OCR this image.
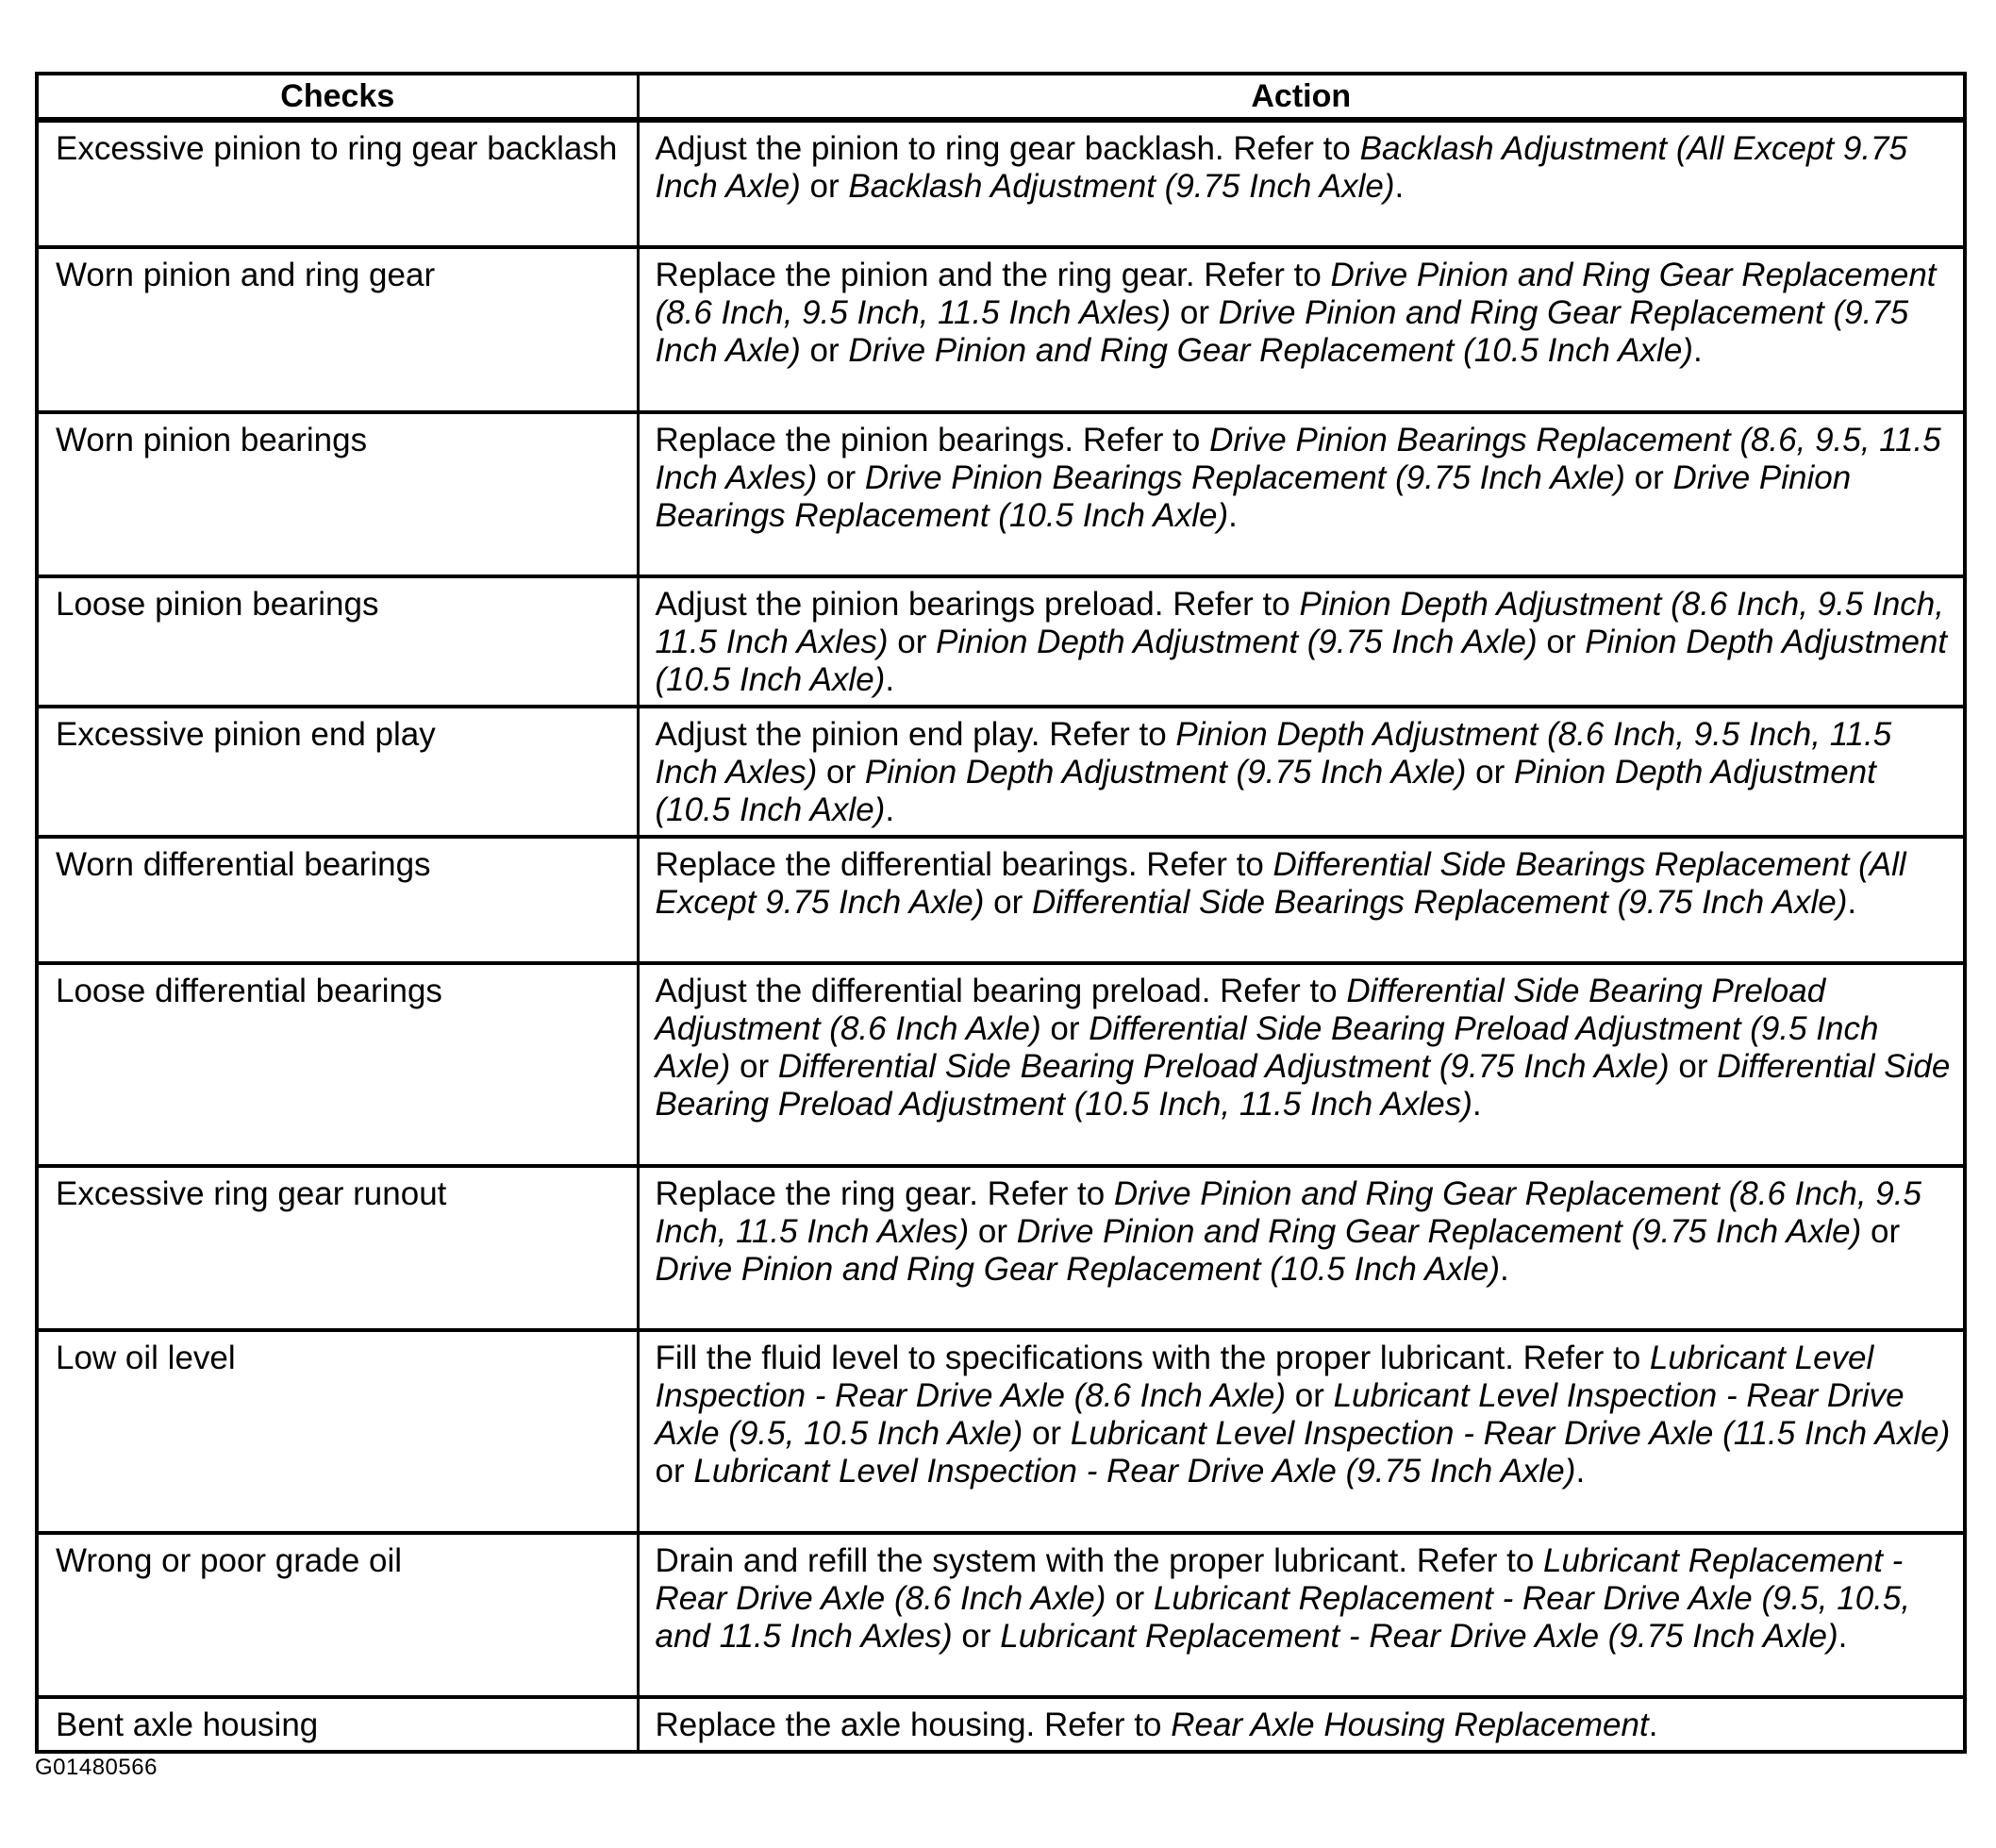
Checks	Action

Excessive pinion to ring gear backlash	Adjust the pinion to ring gear backlash. Refer to Backlash Adjustment (All Except 9.75 Inch Axle) or Backlash Adjustment (9.75 Inch Axle).

Worn pinion and ring gear	Replace the pinion and the ring gear. Refer to Drive Pinion and Ring Gear Replacement (8.6 Inch, 9.5 Inch, 11.5 Inch Axles) or Drive Pinion and Ring Gear Replacement (9.75 Inch Axle) or Drive Pinion and Ring Gear Replacement (10.5 Inch Axle).

Worn pinion bearings	Replace the pinion bearings. Refer to Drive Pinion Bearings Replacement (8.6, 9.5, 11.5 Inch Axles) or Drive Pinion Bearings Replacement (9.75 Inch Axle) or Drive Pinion Bearings Replacement (10.5 Inch Axle).

Loose pinion bearings	Adjust the pinion bearings preload. Refer to Pinion Depth Adjustment (8.6 Inch, 9.5 Inch, 11.5 Inch Axles) or Pinion Depth Adjustment (9.75 Inch Axle) or Pinion Depth Adjustment (10.5 Inch Axle).

Excessive pinion end play	Adjust the pinion end play. Refer to Pinion Depth Adjustment (8.6 Inch, 9.5 Inch, 11.5 Inch Axles) or Pinion Depth Adjustment (9.75 Inch Axle) or Pinion Depth Adjustment (10.5 Inch Axle).

Worn differential bearings	Replace the differential bearings. Refer to Differential Side Bearings Replacement (All Except 9.75 Inch Axle) or Differential Side Bearings Replacement (9.75 Inch Axle).

Loose differential bearings	Adjust the differential bearing preload. Refer to Differential Side Bearing Preload Adjustment (8.6 Inch Axle) or Differential Side Bearing Preload Adjustment (9.5 Inch Axle) or Differential Side Bearing Preload Adjustment (9.75 Inch Axle) or Differential Side Bearing Preload Adjustment (10.5 Inch, 11.5 Inch Axles).

Excessive ring gear runout	Replace the ring gear. Refer to Drive Pinion and Ring Gear Replacement (8.6 Inch, 9.5 Inch, 11.5 Inch Axles) or Drive Pinion and Ring Gear Replacement (9.75 Inch Axle) or Drive Pinion and Ring Gear Replacement (10.5 Inch Axle).

Low oil level	Fill the fluid level to specifications with the proper lubricant. Refer to Lubricant Level Inspection - Rear Drive Axle (8.6 Inch Axle) or Lubricant Level Inspection - Rear Drive Axle (9.5, 10.5 Inch Axle) or Lubricant Level Inspection - Rear Drive Axle (11.5 Inch Axle) or Lubricant Level Inspection - Rear Drive Axle (9.75 Inch Axle).

Wrong or poor grade oil	Drain and refill the system with the proper lubricant. Refer to Lubricant Replacement - Rear Drive Axle (8.6 Inch Axle) or Lubricant Replacement - Rear Drive Axle (9.5, 10.5, and 11.5 Inch Axles) or Lubricant Replacement - Rear Drive Axle (9.75 Inch Axle).

Bent axle housing	Replace the axle housing. Refer to Rear Axle Housing Replacement.
G01480566
